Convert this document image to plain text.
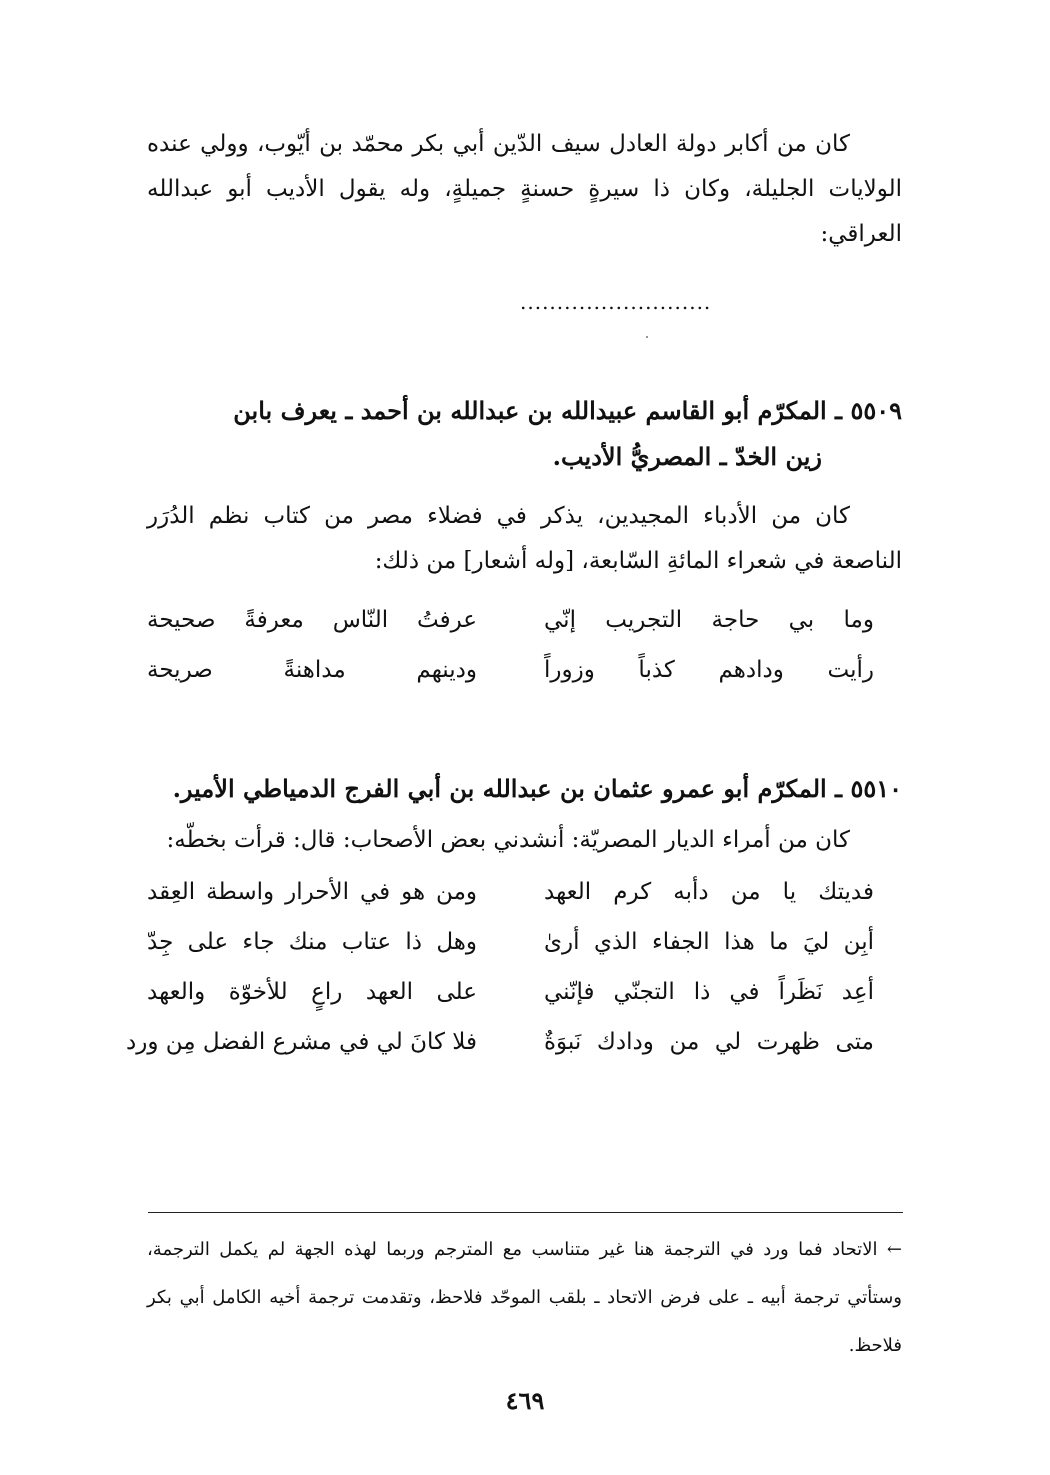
كان من أكابر دولة العادل سيف الدّين أبي بكر محمّد بن أيّوب، وولي عنده الولايات الجليلة، وكان ذا سيرةٍ حسنةٍ جميلةٍ، وله يقول الأديب أبو عبدالله العراقي:
..........................
٥٥٠٩ ـ المكرّم أبو القاسم عبيدالله بن عبدالله بن أحمد ـ يعرف بابن
زين الخدّ ـ المصريُّ الأديب.
كان من الأدباء المجيدين، يذكر في فضلاء مصر من كتاب نظم الدُرَر الناصعة في شعراء المائةِ السّابعة، [وله أشعار] من ذلك:
وما بي حاجة التجريب إنّي
عرفتُ النّاس معرفةً صحيحة
رأيت ودادهم كذباً وزوراً
ودينهم مداهنةً صريحة
٥٥١٠ ـ المكرّم أبو عمرو عثمان بن عبدالله بن أبي الفرج الدمياطي الأمير.
كان من أمراء الديار المصريّة: أنشدني بعض الأصحاب: قال: قرأت بخطّه:
فديتك يا من دأبه كرم العهد
ومن هو في الأحرار واسطة العِقد
أبِن ليَ ما هذا الجفاء الذي أرىٰ
وهل ذا عتاب منك جاء على جِدّ
أعِد نَظَراً في ذا التجنّي فإنّني
على العهد راعٍ للأخوّة والعهد
متى ظهرت لي من ودادك نَبوَةٌ
فلا كانَ لي في مشرع الفضل مِن ورد
← الاتحاد فما ورد في الترجمة هنا غير متناسب مع المترجم وربما لهذه الجهة لم يكمل الترجمة، وستأتي ترجمة أبيه ـ على فرض الاتحاد ـ بلقب الموحّد فلاحظ، وتقدمت ترجمة أخيه الكامل أبي بكر فلاحظ.
٤٦٩
